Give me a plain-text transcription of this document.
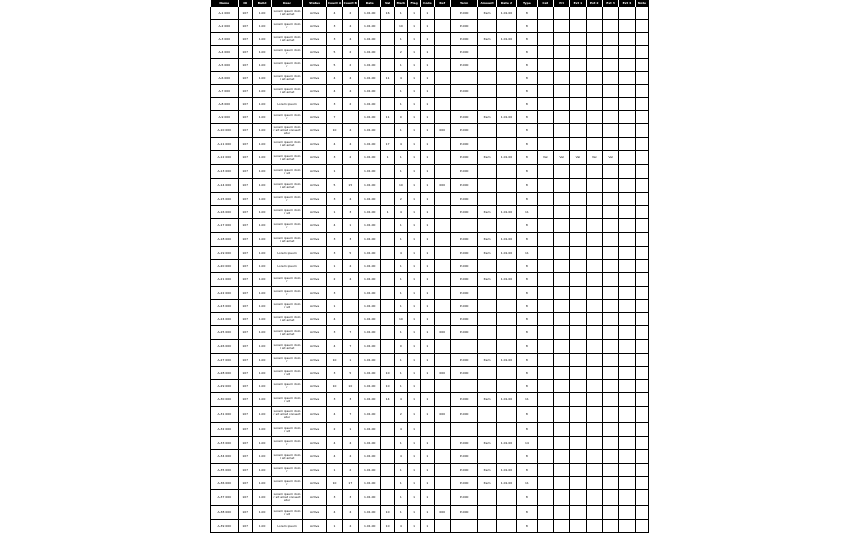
Name	ID	Build	Desc	Status	Count A	Count B	Date	Val	Mark	Flag	Code	Ref	Term	Amount	Date 2	Type	Cat	Pri	Ext 1	Ext 2	Ext 3	Ext 4	Note
A-1 000	107	1.00	Lorem ipsum dolor sit amet	Active	4	2	1.01.00	16	1	1	1		P-000	Item	1.01.00	8							
A-2 000	107	1.00	Lorem ipsum dolor	Active	3	4	1.01.00		10	1	1		P-000			8							
A-3 000	107	1.00	Lorem ipsum dolor sit amet	Active	3	4	1.01.00		1	1	1		P-000	Item	1.01.00	8							
A-4 000	107	1.00	Lorem ipsum dolor	Active	5	2	1.01.00		2	1	1		P-000			8							
A-5 000	107	1.00	Lorem ipsum dolor	Active	5	2	1.01.00		1	1	1		P-000			8							
A-6 000	107	1.00	Lorem ipsum dolor sit amet	Active	4	4	1.01.00	11	4	1	1					8							
A-7 000	107	1.00	Lorem ipsum dolor sit amet	Active	4	4	1.01.00		1	1	1		P-000			8							
A-8 000	107	1.00	Lorem ipsum	Active	3	2	1.01.00		1	1	1					8							
A-9 000	107	1.00	Lorem ipsum dolor	Active	7		1.01.00	11	0	1	1		P-000	Item	1.01.00	8							
A-10 000	107	1.00	Lorem ipsum dolor sit amet consectetur	Active	10	4	1.01.00		1	1	1	000	P-000			8							
A-11 000	107	1.00	Lorem ipsum dolor sit amet	Active	4	4	1.01.00	17	4	1	1		P-000			8							
A-12 000	107	1.00	Lorem ipsum dolor sit amet	Active	3	2	1.01.00	1	1	1	1		P-000	Item	1.01.00	8	Val	Val	Val	Val	Val		
A-13 000	107	1.00	Lorem ipsum dolor sit	Active	1		1.01.00		1	1	1		P-000			8							
A-14 000	107	1.00	Lorem ipsum dolor sit amet	Active	5	15	1.01.00		10	1	1	000	P-000			8							
A-15 000	107	1.00	Lorem ipsum dolor	Active	3	4	1.01.00		2	1	1		P-000			8							
A-16 000	107	1.00	Lorem ipsum dolor sit	Active	1	3	1.01.00	1	4	1	1		P-000	Item	1.01.00	11							
A-17 000	107	1.00	Lorem ipsum dolor	Active	4	1	1.01.00		1	1	1					8							
A-18 000	107	1.00	Lorem ipsum dolor sit amet	Active	3	3	1.01.00		1	1	1		P-000	Item	1.01.00	8							
A-19 000	107	1.00	Lorem ipsum	Active	3	5	1.01.00		4	1	1		P-000	Item	1.01.00	11							
A-20 000	107	1.00	Lorem ipsum	Active	1	4	1.01.00		1	1	1		P-000			8							
A-21 000	107	1.00	Lorem ipsum dolor	Active	2	4	1.01.00		1	1	1		P-000	Item	1.01.00	8							
A-22 000	107	1.00	Lorem ipsum dolor	Active	3		1.01.00		1	1	1		P-000			8							
A-23 000	107	1.00	Lorem ipsum dolor sit	Active	1		1.01.00		1	1	1		P-000			8							
A-24 000	107	1.00	Lorem ipsum dolor sit amet	Active	4		1.01.00		10	1	1		P-000			8							
A-25 000	107	1.00	Lorem ipsum dolor sit amet	Active	3	7	1.01.00		1	1	1	000	P-000			8							
A-26 000	107	1.00	Lorem ipsum dolor sit amet	Active	4	7	1.01.00		0	1	1					8							
A-27 000	107	1.00	Lorem ipsum dolor	Active	10	1	1.01.00		1	1	1		P-000	Item	1.01.00	8							
A-28 000	107	1.00	Lorem ipsum dolor sit	Active	3	5	1.01.00	10	1	1	1	000	P-000			8							
A-29 000	107	1.00	Lorem ipsum dolor	Active	10	10	1.01.00	10	1	1						8							
A-30 000	107	1.00	Lorem ipsum dolor sit	Active	3	3	1.01.00	14	4	1	1		P-000	Item	1.01.00	11							
A-31 000	107	1.00	Lorem ipsum dolor sit amet consectetur	Active	4	7	1.01.00		2	1	1	000	P-000			8							
A-32 000	107	1.00	Lorem ipsum dolor sit	Active	2	1	1.01.00		4	1						8							
A-33 000	107	1.00	Lorem ipsum dolor	Active	4	4	1.01.00		1	1	1		P-000	Item	1.01.00	14							
A-34 000	107	1.00	Lorem ipsum dolor sit amet	Active	4	4	1.01.00		4	1	1		P-000			8							
A-35 000	107	1.00	Lorem ipsum dolor	Active	1	2	1.01.00		1	1	1		P-000	Item	1.01.00	8							
A-36 000	107	1.00	Lorem ipsum dolor	Active	10	17	1.01.00		1	1	1		P-000	Item	1.01.00	11							
A-37 000	107	1.00	Lorem ipsum dolor sit amet consectetur	Active	3	3	1.01.00		1	1	1		P-000			8							
A-38 000	107	1.00	Lorem ipsum dolor sit	Active	4	4	1.01.00	10	1	1	1	000	P-000			8							
A-39 000	107	1.00	Lorem ipsum	Active	1	4	1.01.00	10	4	1	1					8							
